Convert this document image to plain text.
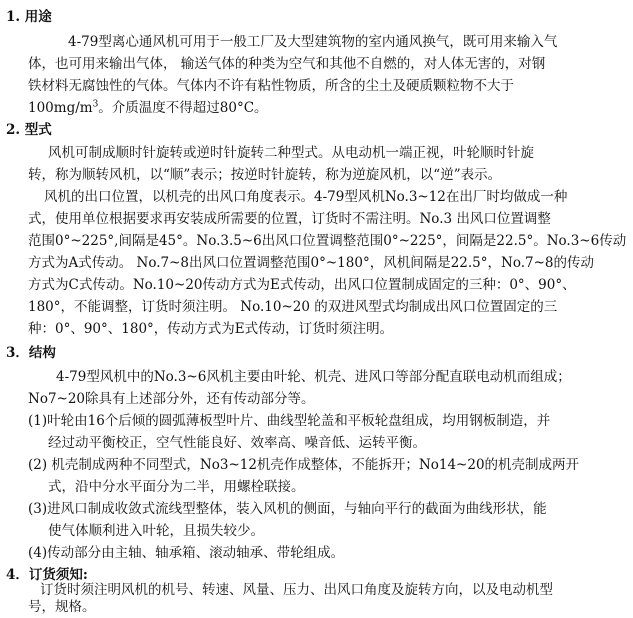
1. 用途
4-79型离心通风机可用于一般工厂及大型建筑物的室内通风换气，既可用来输入气
体，也可用来输出气体， 输送气体的种类为空气和其他不自燃的，对人体无害的，对钢
铁材料无腐蚀性的气体。气体内不许有粘性物质，所含的尘土及硬质颗粒物不大于
$100mg/m^3$。介质温度不得超过80°C。
2. 型式
风机可制成顺时针旋转或逆时针旋转二种型式。从电动机一端正视，叶轮顺时针旋
转，称为顺转风机，以“顺”表示；按逆时针旋转，称为逆旋风机，以“逆”表示。
风机的出口位置，以机壳的出风口角度表示。4-79型风机No.3~12在出厂时均做成一种
式，使用单位根据要求再安装成所需要的位置，订货时不需注明。No.3 出风口位置调整
范围0°~225°,间隔是45°。No.3.5~6出风口位置调整范围0°~225°，间隔是22.5°。No.3~6传动
方式为A式传动。 No.7~8出风口位置调整范围0°~180°，风机间隔是22.5°，No.7~8的传动
方式为C式传动。No.10~20传动方式为E式传动，出风口位置制成固定的三种：0°、90°、
180°，不能调整，订货时须注明。 No.10~20 的双进风型式均制成出风口位置固定的三
种：0°、90°、180°，传动方式为E式传动，订货时须注明。
3．结构
4-79型风机中的No.3~6风机主要由叶轮、机壳、进风口等部分配直联电动机而组成；
No7~20除具有上述部分外，还有传动部分等。
(1)叶轮由16个后倾的圆弧薄板型叶片、曲线型轮盖和平板轮盘组成，均用钢板制造，并
经过动平衡校正，空气性能良好、效率高、噪音低、运转平衡。
(2) 机壳制成两种不同型式，No3~12机壳作成整体，不能拆开；No14~20的机壳制成两开
式，沿中分水平面分为二半，用螺栓联接。
(3)进风口制成收敛式流线型整体，装入风机的侧面，与轴向平行的截面为曲线形状，能
使气体顺利进入叶轮，且损失较少。
(4)传动部分由主轴、轴承箱、滚动轴承、带轮组成。
4．订货须知:
订货时须注明风机的机号、转速、风量、压力、出风口角度及旋转方向，以及电动机型
号，规格。
